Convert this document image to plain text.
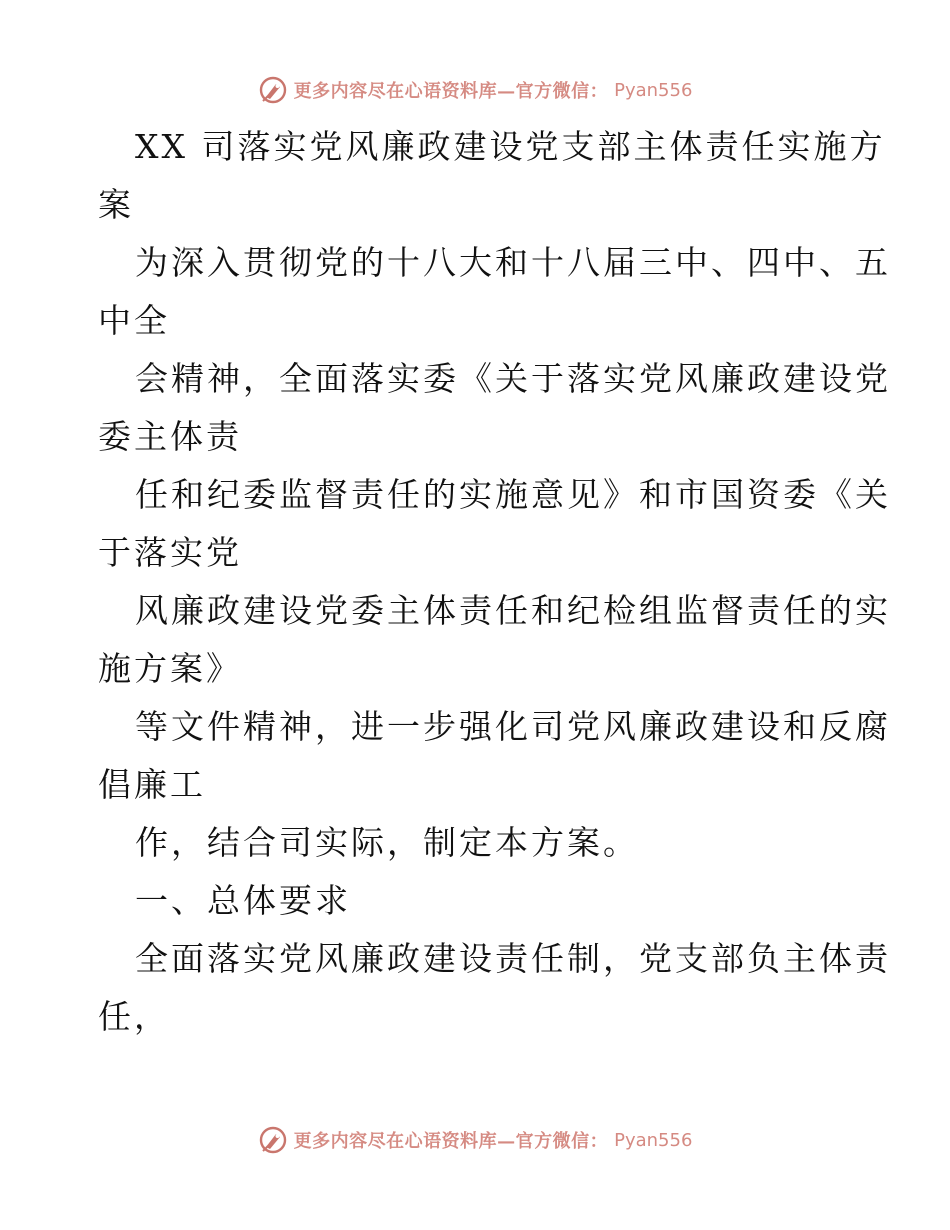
更多内容尽在心语资料库—官方微信： Pyan556
XX 司落实党风廉政建设党支部主体责任实施方
案
为深入贯彻党的十八大和十八届三中、四中、五
中全
会精神，全面落实委《关于落实党风廉政建设党
委主体责
任和纪委监督责任的实施意见》和市国资委《关
于落实党
风廉政建设党委主体责任和纪检组监督责任的实
施方案》
等文件精神，进一步强化司党风廉政建设和反腐
倡廉工
作，结合司实际，制定本方案。
一、总体要求
全面落实党风廉政建设责任制，党支部负主体责
任，
更多内容尽在心语资料库—官方微信： Pyan556
